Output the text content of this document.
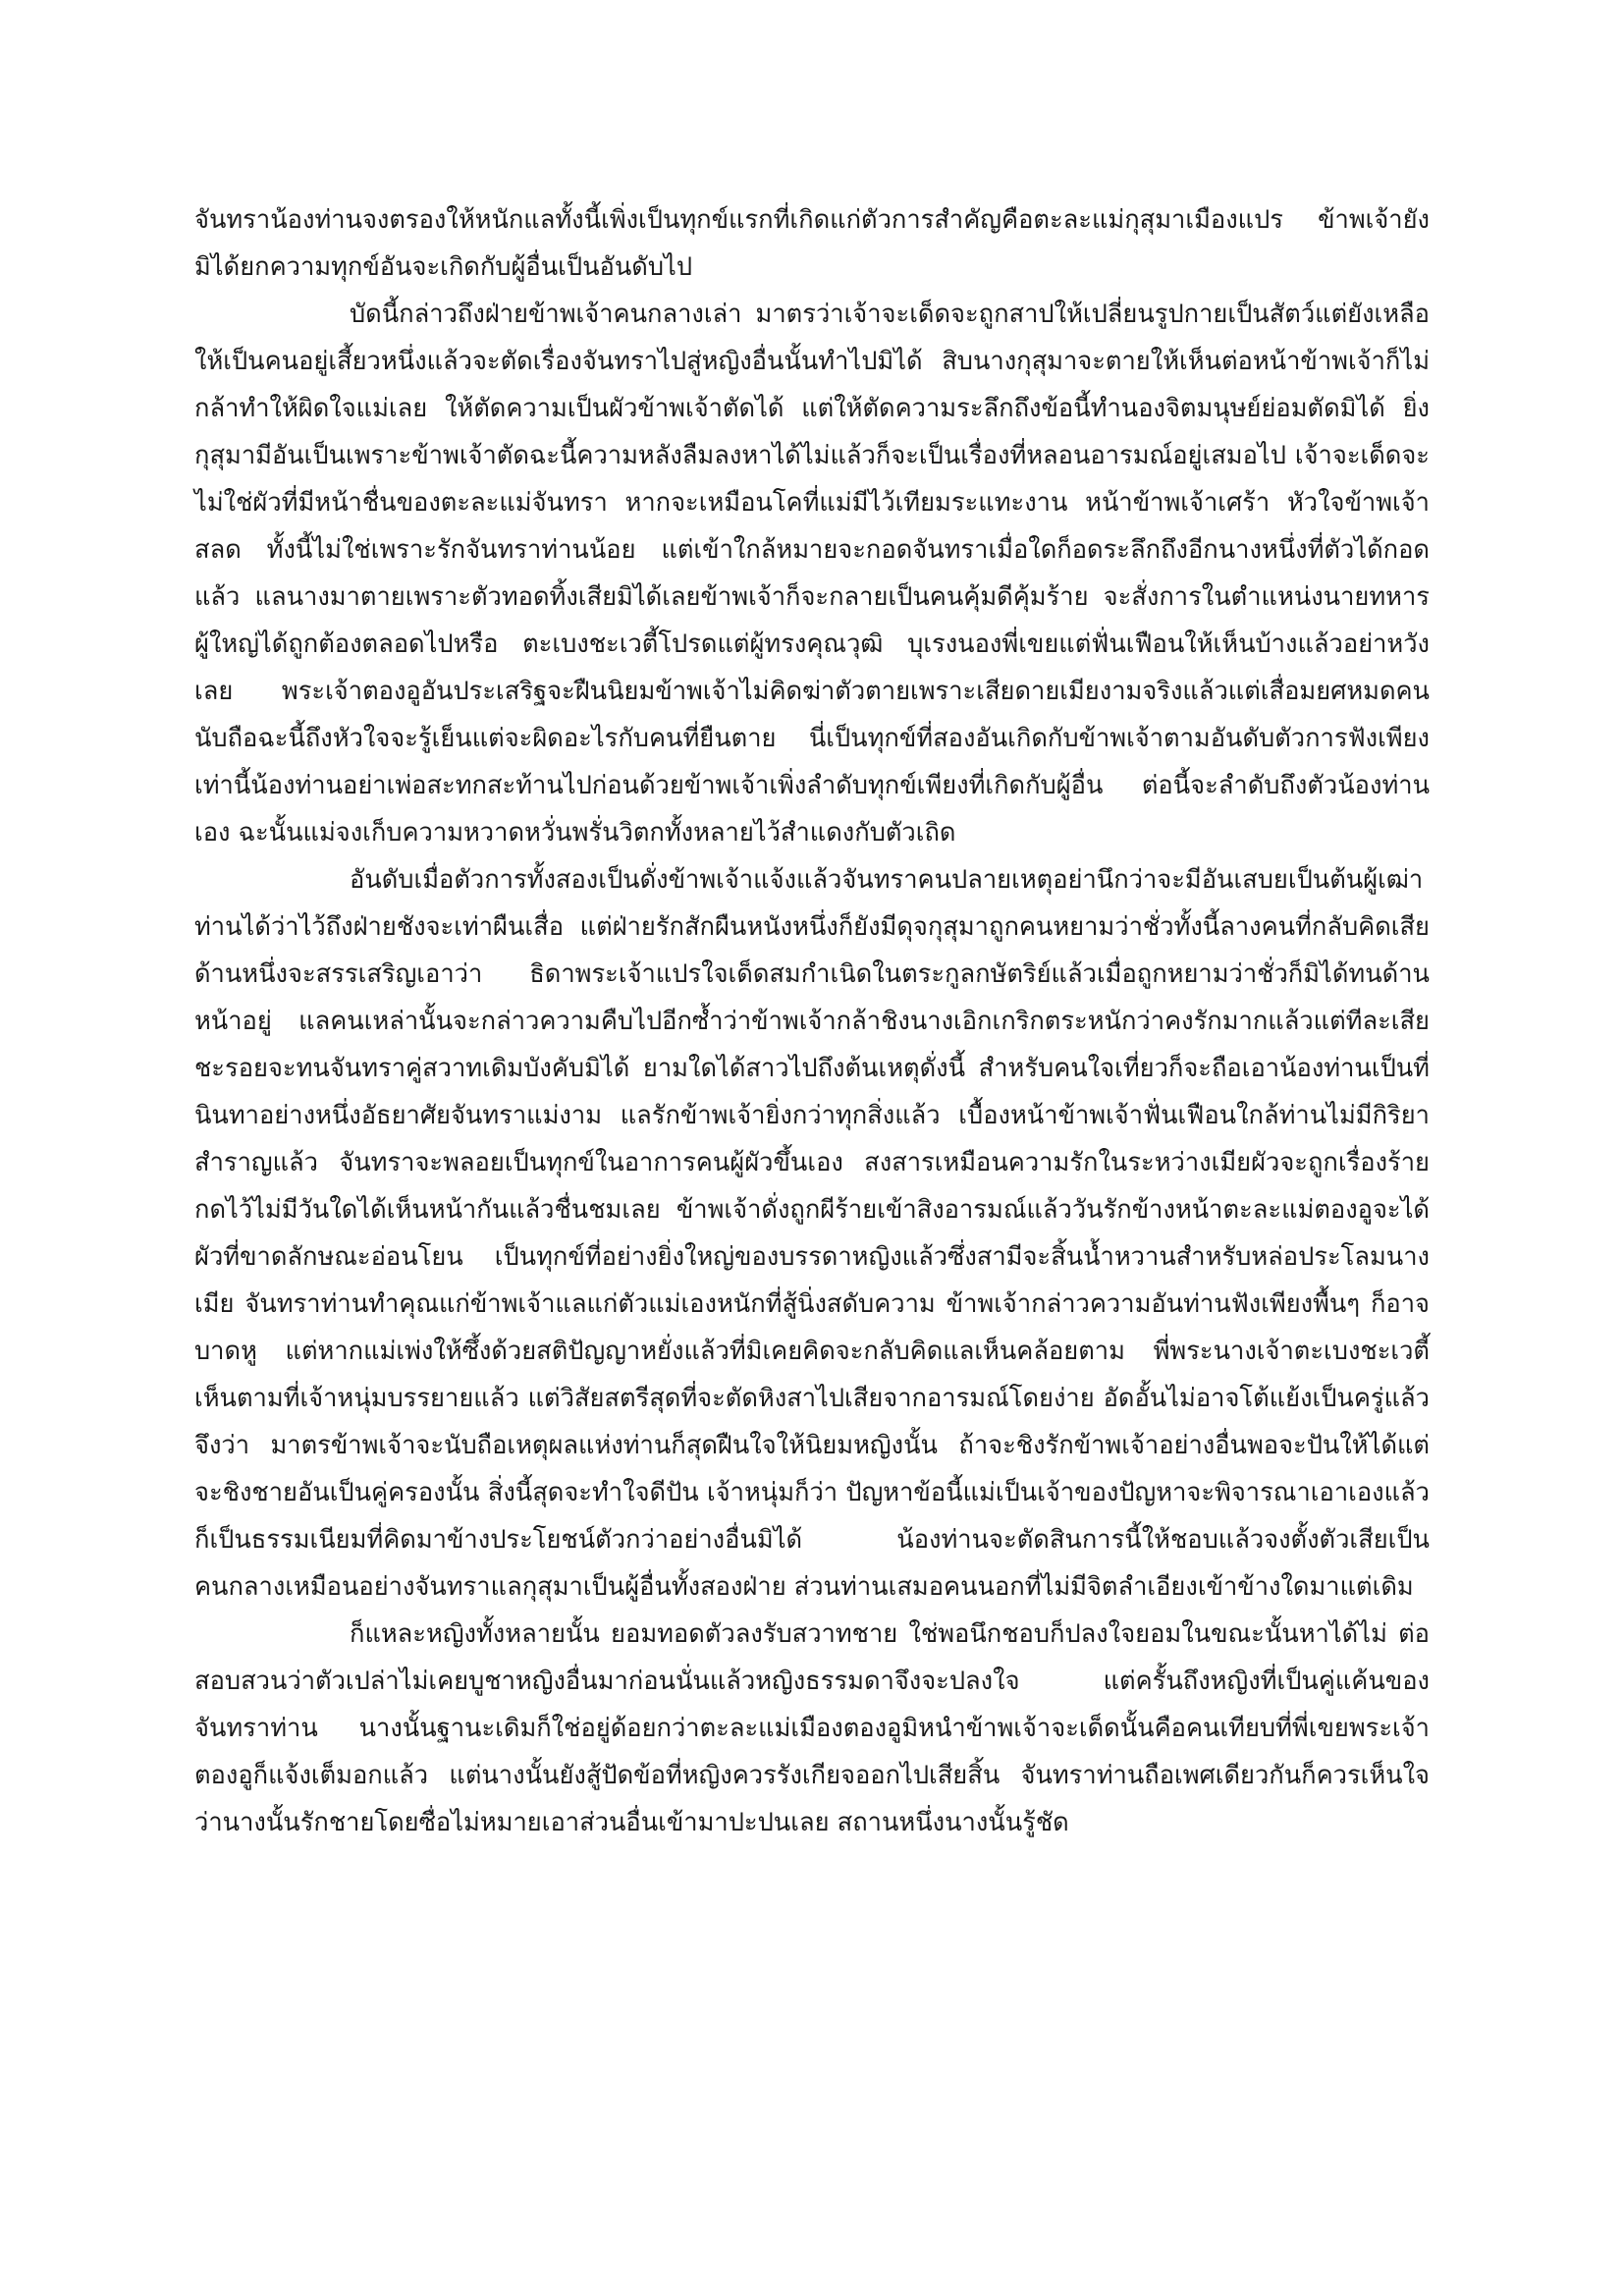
จันทราน้องท่านจงตรองให้หนักแลทั้งนี้เพิ่งเป็นทุกข์แรกที่เกิดแก่ตัวการสำคัญคือตะละแม่กุสุมาเมืองแปร ข้าพเจ้ายังมิได้ยกความทุกข์อันจะเกิดกับผู้อื่นเป็นอันดับไป

บัดนี้กล่าวถึงฝ่ายข้าพเจ้าคนกลางเล่า มาตรว่าเจ้าจะเด็ดจะถูกสาปให้เปลี่ยนรูปกายเป็นสัตว์แต่ยังเหลือให้เป็นคนอยู่เสี้ยวหนึ่งแล้วจะตัดเรื่องจันทราไปสู่หญิงอื่นนั้นทำไปมิได้ สิบนางกุสุมาจะตายให้เห็นต่อหน้าข้าพเจ้าก็ไม่กล้าทำให้ผิดใจแม่เลย ให้ตัดความเป็นผัวข้าพเจ้าตัดได้ แต่ให้ตัดความระลึกถึงข้อนี้ทำนองจิตมนุษย์ย่อมตัดมิได้ ยิ่งกุสุมามีอันเป็นเพราะข้าพเจ้าตัดฉะนี้ความหลังลืมลงหาได้ไม่แล้วก็จะเป็นเรื่องที่หลอนอารมณ์อยู่เสมอไป เจ้าจะเด็ดจะไม่ใช่ผัวที่มีหน้าชื่นของตะละแม่จันทรา หากจะเหมือนโคที่แม่มีไว้เทียมระแทะงาน หน้าข้าพเจ้าเศร้า หัวใจข้าพเจ้าสลด ทั้งนี้ไม่ใช่เพราะรักจันทราท่านน้อย แต่เข้าใกล้หมายจะกอดจันทราเมื่อใดก็อดระลึกถึงอีกนางหนึ่งที่ตัวได้กอดแล้ว แลนางมาตายเพราะตัวทอดทิ้งเสียมิได้เลยข้าพเจ้าก็จะกลายเป็นคนคุ้มดีคุ้มร้าย จะสั่งการในตำแหน่งนายทหารผู้ใหญ่ได้ถูกต้องตลอดไปหรือ ตะเบงชะเวตี้โปรดแต่ผู้ทรงคุณวุฒิ บุเรงนองพี่เขยแต่ฟั่นเฟือนให้เห็นบ้างแล้วอย่าหวังเลย พระเจ้าตองอูอันประเสริฐจะฝืนนิยมข้าพเจ้าไม่คิดฆ่าตัวตายเพราะเสียดายเมียงามจริงแล้วแต่เสื่อมยศหมดคนนับถือฉะนี้ถึงหัวใจจะรู้เย็นแต่จะผิดอะไรกับคนที่ยืนตาย นี่เป็นทุกข์ที่สองอันเกิดกับข้าพเจ้าตามอันดับตัวการฟังเพียงเท่านี้น้องท่านอย่าเพ่อสะทกสะท้านไปก่อนด้วยข้าพเจ้าเพิ่งลำดับทุกข์เพียงที่เกิดกับผู้อื่น ต่อนี้จะลำดับถึงตัวน้องท่านเอง ฉะนั้นแม่จงเก็บความหวาดหวั่นพรั่นวิตกทั้งหลายไว้สำแดงกับตัวเถิด

อันดับเมื่อตัวการทั้งสองเป็นดั่งข้าพเจ้าแจ้งแล้วจันทราคนปลายเหตุอย่านึกว่าจะมีอันเสบยเป็นต้นผู้เฒ่าท่านได้ว่าไว้ถึงฝ่ายชังจะเท่าผืนเสื่อ แต่ฝ่ายรักสักผืนหนังหนึ่งก็ยังมีดุจกุสุมาถูกคนหยามว่าชั่วทั้งนี้ลางคนที่กลับคิดเสียด้านหนึ่งจะสรรเสริญเอาว่า ธิดาพระเจ้าแปรใจเด็ดสมกำเนิดในตระกูลกษัตริย์แล้วเมื่อถูกหยามว่าชั่วก็มิได้ทนด้านหน้าอยู่ แลคนเหล่านั้นจะกล่าวความคืบไปอีกซ้ำว่าข้าพเจ้ากล้าชิงนางเอิกเกริกตระหนักว่าคงรักมากแล้วแต่ทีละเสีย ชะรอยจะทนจันทราคู่สวาทเดิมบังคับมิได้ ยามใดได้สาวไปถึงต้นเหตุดั่งนี้ สำหรับคนใจเที่ยวก็จะถือเอาน้องท่านเป็นที่นินทาอย่างหนึ่งอัธยาศัยจันทราแม่งาม แลรักข้าพเจ้ายิ่งกว่าทุกสิ่งแล้ว เบื้องหน้าข้าพเจ้าฟั่นเฟือนใกล้ท่านไม่มีกิริยาสำราญแล้ว จันทราจะพลอยเป็นทุกข์ในอาการคนผู้ผัวขึ้นเอง สงสารเหมือนความรักในระหว่างเมียผัวจะถูกเรื่องร้ายกดไว้ไม่มีวันใดได้เห็นหน้ากันแล้วชื่นชมเลย ข้าพเจ้าดั่งถูกผีร้ายเข้าสิงอารมณ์แล้ววันรักข้างหน้าตะละแม่ตองอูจะได้ผัวที่ขาดลักษณะอ่อนโยน เป็นทุกข์ที่อย่างยิ่งใหญ่ของบรรดาหญิงแล้วซึ่งสามีจะสิ้นน้ำหวานสำหรับหล่อประโลมนางเมีย จันทราท่านทำคุณแก่ข้าพเจ้าแลแก่ตัวแม่เองหนักที่สู้นิ่งสดับความ ข้าพเจ้ากล่าวความอันท่านฟังเพียงพื้นๆ ก็อาจบาดหู แต่หากแม่เพ่งให้ซึ้งด้วยสติปัญญาหยั่งแล้วที่มิเคยคิดจะกลับคิดแลเห็นคล้อยตาม พี่พระนางเจ้าตะเบงชะเวตี้เห็นตามที่เจ้าหนุ่มบรรยายแล้ว แต่วิสัยสตรีสุดที่จะตัดหิงสาไปเสียจากอารมณ์โดยง่าย อัดอั้นไม่อาจโต้แย้งเป็นครู่แล้วจึงว่า มาตรข้าพเจ้าจะนับถือเหตุผลแห่งท่านก็สุดฝืนใจให้นิยมหญิงนั้น ถ้าจะชิงรักข้าพเจ้าอย่างอื่นพอจะปันให้ได้แต่จะชิงชายอันเป็นคู่ครองนั้น สิ่งนี้สุดจะทำใจดีปัน เจ้าหนุ่มก็ว่า ปัญหาข้อนี้แม่เป็นเจ้าของปัญหาจะพิจารณาเอาเองแล้ว ก็เป็นธรรมเนียมที่คิดมาข้างประโยชน์ตัวกว่าอย่างอื่นมิได้ น้องท่านจะตัดสินการนี้ให้ชอบแล้วจงตั้งตัวเสียเป็นคนกลางเหมือนอย่างจันทราแลกุสุมาเป็นผู้อื่นทั้งสองฝ่าย ส่วนท่านเสมอคนนอกที่ไม่มีจิตลำเอียงเข้าข้างใดมาแต่เดิม

ก็แหละหญิงทั้งหลายนั้น ยอมทอดตัวลงรับสวาทชาย ใช่พอนึกชอบก็ปลงใจยอมในขณะนั้นหาได้ไม่ ต่อสอบสวนว่าตัวเปล่าไม่เคยบูชาหญิงอื่นมาก่อนนั่นแล้วหญิงธรรมดาจึงจะปลงใจ แต่ครั้นถึงหญิงที่เป็นคู่แค้นของจันทราท่าน นางนั้นฐานะเดิมก็ใช่อยู่ด้อยกว่าตะละแม่เมืองตองอูมิหนำข้าพเจ้าจะเด็ดนั้นคือคนเทียบที่พี่เขยพระเจ้าตองอูก็แจ้งเต็มอกแล้ว แต่นางนั้นยังสู้ปัดข้อที่หญิงควรรังเกียจออกไปเสียสิ้น จันทราท่านถือเพศเดียวกันก็ควรเห็นใจว่านางนั้นรักชายโดยซื่อไม่หมายเอาส่วนอื่นเข้ามาปะปนเลย สถานหนึ่งนางนั้นรู้ชัด
